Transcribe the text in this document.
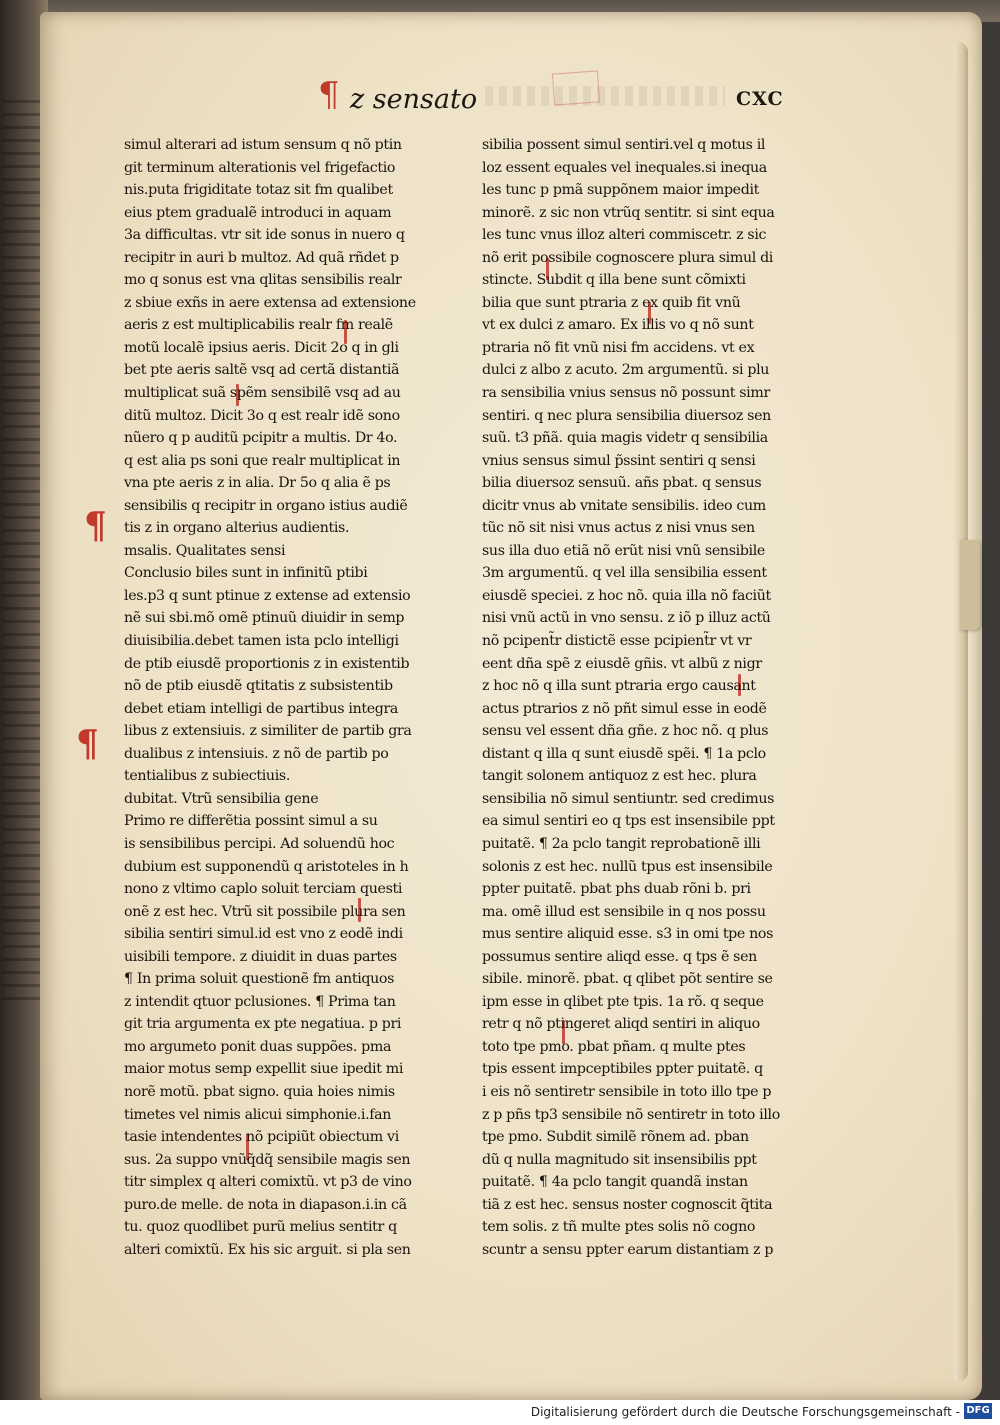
¶ z sensato	CXC
¶
¶
simul alterari ad istum sensum q nõ ptin
git terminum alterationis vel frigefactio
nis.puta frigiditate totaz sit fm qualibet
eius ptem gradualẽ introduci in aquam
3a difficultas. vtr sit ide sonus in nuero q
recipitr in auri b multoz. Ad quã rñdet p
mo q sonus est vna qlitas sensibilis realr
z sbiue exñs in aere extensa ad extensione
aeris z est multiplicabilis realr fm realẽ
motũ localẽ ipsius aeris. Dicit 2o q in gli
bet pte aeris saltẽ vsq ad certã distantiã
multiplicat suã spẽm sensibilẽ vsq ad au
ditũ multoz. Dicit 3o q est realr idẽ sono
nũero q p auditũ pcipitr a multis. Dr 4o.
q est alia ps soni que realr multiplicat in
vna pte aeris z in alia. Dr 5o q alia ẽ ps
sensibilis q recipitr in organo istius audiẽ
tis z in organo alterius audientis.
msalis. Qualitates sensi
Conclusio biles sunt in infinitũ ptibi
les.p3 q sunt ptinue z extense ad extensio
nẽ sui sbi.mõ omẽ ptinuũ diuidir in semp
diuisibilia.debet tamen ista pclo intelligi
de ptib eiusdẽ proportionis z in existentib
nõ de ptib eiusdẽ qtitatis z subsistentib
debet etiam intelligi de partibus integra
libus z extensiuis. z similiter de partib gra
dualibus z intensiuis. z nõ de partib po
tentialibus z subiectiuis.
dubitat. Vtrũ sensibilia gene
Primo re differẽtia possint simul a su
is sensibilibus percipi. Ad soluendũ hoc
dubium est supponendũ q aristoteles in h
nono z vltimo caplo soluit terciam questi
onẽ z est hec. Vtrũ sit possibile plura sen
sibilia sentiri simul.id est vno z eodẽ indi
uisibili tempore. z diuidit in duas partes
¶ In prima soluit questionẽ fm antiquos
z intendit qtuor pclusiones. ¶ Prima tan
git tria argumenta ex pte negatiua. p pri
mo argumeto ponit duas suppões. pma
maior motus semp expellit siue ipedit mi
norẽ motũ. pbat signo. quia hoies nimis
timetes vel nimis alicui simphonie.i.fan
tasie intendentes nõ pcipiũt obiectum vi
sus. 2a suppo vnũq̃dq̃ sensibile magis sen
titr simplex q alteri comixtũ. vt p3 de vino
puro.de melle. de nota in diapason.i.in cã
tu. quoz quodlibet purũ melius sentitr q
alteri comixtũ. Ex his sic arguit. si pla sen
sibilia possent simul sentiri.vel q motus il
loz essent equales vel inequales.si inequa
les tunc p pmã suppõnem maior impedit
minorẽ. z sic non vtrũq sentitr. si sint equa
les tunc vnus illoz alteri commiscetr. z sic
nõ erit possibile cognoscere plura simul di
stincte. Subdit q illa bene sunt cõmixti
bilia que sunt ptraria z ex quib fit vnũ
vt ex dulci z amaro. Ex illis vo q nõ sunt
ptraria nõ fit vnũ nisi fm accidens. vt ex
dulci z albo z acuto. 2m argumentũ. si plu
ra sensibilia vnius sensus nõ possunt simr
sentiri. q nec plura sensibilia diuersoz sen
suũ. t3 pñã. quia magis videtr q sensibilia
vnius sensus simul p̃ssint sentiri q sensi
bilia diuersoz sensuũ. añs pbat. q sensus
dicitr vnus ab vnitate sensibilis. ideo cum
tũc nõ sit nisi vnus actus z nisi vnus sen
sus illa duo etiã nõ erũt nisi vnũ sensibile
3m argumentũ. q vel illa sensibilia essent
eiusdẽ speciei. z hoc nõ. quia illa nõ faciũt
nisi vnũ actũ in vno sensu. z iõ p illuz actũ
nõ pcipent̃r distictẽ esse pcipient̃r vt vr
eent dña spẽ z eiusdẽ gñis. vt albũ z nigr
z hoc nõ q illa sunt ptraria ergo causant
actus ptrarios z nõ pñt simul esse in eodẽ
sensu vel essent dña gñe. z hoc nõ. q plus
distant q illa q sunt eiusdẽ spẽi. ¶ 1a pclo
tangit solonem antiquoz z est hec. plura
sensibilia nõ simul sentiuntr. sed credimus
ea simul sentiri eo q tps est insensibile ppt
puitatẽ. ¶ 2a pclo tangit reprobationẽ illi
solonis z est hec. nullũ tpus est insensibile
ppter puitatẽ. pbat phs duab rõni b. pri
ma. omẽ illud est sensibile in q nos possu
mus sentire aliquid esse. s3 in omi tpe nos
possumus sentire aliqd esse. q tps ẽ sen
sibile. minorẽ. pbat. q qlibet põt sentire se
ipm esse in qlibet pte tpis. 1a rõ. q seque
retr q nõ ptingeret aliqd sentiri in aliquo
toto tpe pmo. pbat pñam. q multe ptes
tpis essent impceptibiles ppter puitatẽ. q
i eis nõ sentiretr sensibile in toto illo tpe p
z p pñs tp3 sensibile nõ sentiretr in toto illo
tpe pmo. Subdit similẽ rõnem ad. pban
dũ q nulla magnitudo sit insensibilis ppt
puitatẽ. ¶ 4a pclo tangit quandã instan
tiã z est hec. sensus noster cognoscit q̃tita
tem solis. z tñ multe ptes solis nõ cogno
scuntr a sensu ppter earum distantiam z p
Digitalisierung gefördert durch die Deutsche Forschungsgemeinschaft - DFG
